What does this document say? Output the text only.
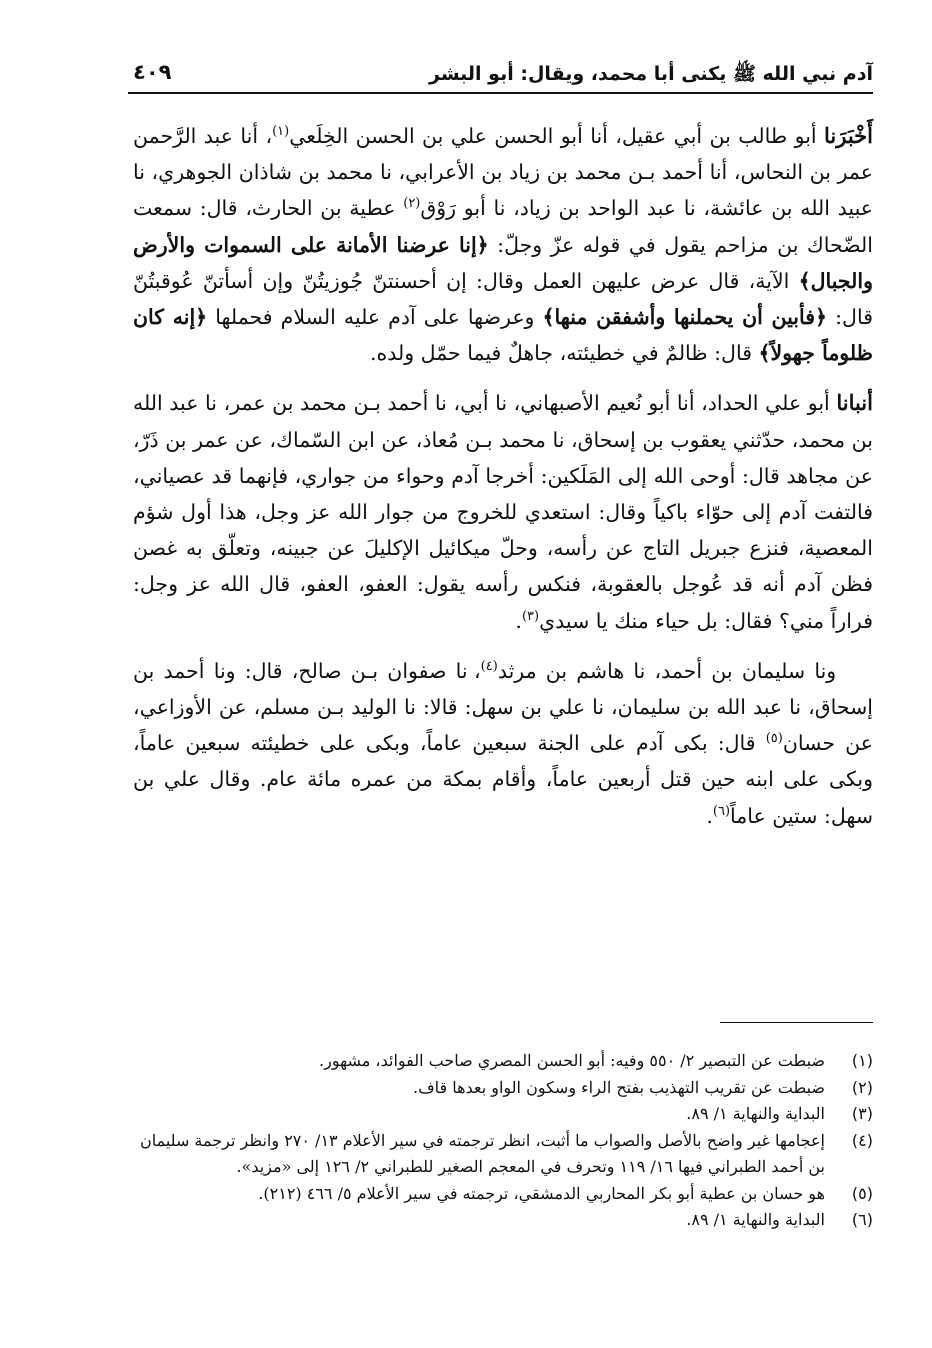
آدم نبي الله ﷺ يكنى أبا محمد، ويقال: أبو البشر
٤٠٩

أَخْبَرَنا أبو طالب بن أبي عقيل، أنا أبو الحسن علي بن الحسن الخِلَعي$^{(١)}$، أنا عبد الرَّحمن عمر بن النحاس، أنا أحمد بـن محمد بن زياد بن الأعرابي، نا محمد بن شاذان الجوهري، نا عبيد الله بن عائشة، نا عبد الواحد بن زياد، نا أبو رَوْق$^{(٢)}$ عطية بن الحارث، قال: سمعت الضّحاك بن مزاحم يقول في قوله عزّ وجلّ: ﴿إنا عرضنا الأمانة على السموات والأرض والجبال﴾ الآية، قال عرض عليهن العمل وقال: إن أحسنتنّ جُوزيتُنّ وإن أسأتنّ عُوقبتُنّ قال: ﴿فأبين أن يحملنها وأشفقن منها﴾ وعرضها على آدم عليه السلام فحملها ﴿إنه كان ظلوماً جهولاً﴾ قال: ظالمٌ في خطيئته، جاهلٌ فيما حمّل ولده.

أنبانا أبو علي الحداد، أنا أبو نُعيم الأصبهاني، نا أبي، نا أحمد بـن محمد بن عمر، نا عبد الله بن محمد، حدّثني يعقوب بن إسحاق، نا محمد بـن مُعاذ، عن ابن السّماك، عن عمر بن ذَرّ، عن مجاهد قال: أوحى الله إلى المَلَكين: أخرجا آدم وحواء من جواري، فإنهما قد عصياني، فالتفت آدم إلى حوّاء باكياً وقال: استعدي للخروج من جوار الله عز وجل، هذا أول شؤم المعصية، فنزع جبريل التاج عن رأسه، وحلّ ميكائيل الإكليلَ عن جبينه، وتعلّق به غصن فظن آدم أنه قد عُوجل بالعقوبة، فنكس رأسه يقول: العفو، العفو، قال الله عز وجل: فراراً مني؟ فقال: بل حياء منك يا سيدي$^{(٣)}$.

ونا سليمان بن أحمد، نا هاشم بن مرثد$^{(٤)}$، نا صفوان بـن صالح، قال: ونا أحمد بن إسحاق، نا عبد الله بن سليمان، نا علي بن سهل: قالا: نا الوليد بـن مسلم، عن الأوزاعي، عن حسان$^{(٥)}$ قال: بكى آدم على الجنة سبعين عاماً، وبكى على خطيئته سبعين عاماً، وبكى على ابنه حين قتل أربعين عاماً، وأقام بمكة من عمره مائة عام. وقال علي بن سهل: ستين عاماً$^{(٦)}$.

(١)
ضبطت عن التبصير ٢/ ٥٥٠ وفيه: أبو الحسن المصري صاحب الفوائد، مشهور.
(٢)
ضبطت عن تقريب التهذيب بفتح الراء وسكون الواو بعدها قاف.
(٣)
البداية والنهاية ١/ ٨٩.
(٤)
إعجامها غير واضح بالأصل والصواب ما أثبت، انظر ترجمته في سير الأعلام ١٣/ ٢٧٠ وانظر ترجمة سليمان بن أحمد الطبراني فيها ١٦/ ١١٩ وتحرف في المعجم الصغير للطبراني ٢/ ١٢٦ إلى «مزيد».
(٥)
هو حسان بن عطية أبو بكر المحاربي الدمشقي، ترجمته في سير الأعلام ٥/ ٤٦٦ (٢١٢).
(٦)
البداية والنهاية ١/ ٨٩.
